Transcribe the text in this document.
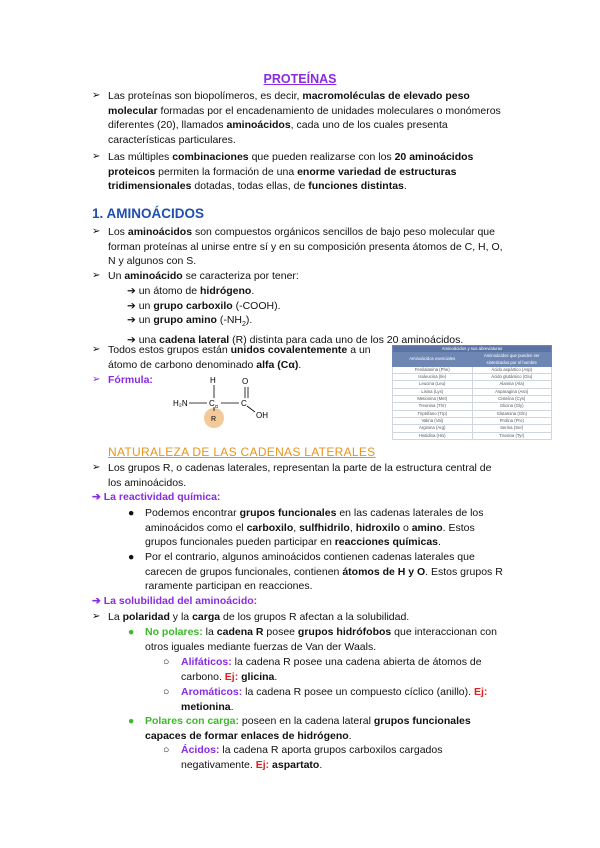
PROTEÍNAS
➢ Las proteínas son biopolímeros, es decir, macromoléculas de elevado peso
molecular formadas por el encadenamiento de unidades moleculares o monómeros
diferentes (20), llamados aminoácidos, cada uno de los cuales presenta
características particulares.
➢ Las múltiples combinaciones que pueden realizarse con los 20 aminoácidos
proteicos permiten la formación de una enorme variedad de estructuras
tridimensionales dotadas, todas ellas, de funciones distintas.
1. AMINOÁCIDOS
➢ Los aminoácidos son compuestos orgánicos sencillos de bajo peso molecular que
forman proteínas al unirse entre sí y en su composición presenta átomos de C, H, O,
N y algunos con S.
➢ Un aminoácido se caracteriza por tener:
➔ un átomo de hidrógeno.
➔ un grupo carboxilo (-COOH).
➔ un grupo amino $(-NH_2)$.
➔ una cadena lateral (R) distinta para cada uno de los 20 aminoácidos.
➢ Todos estos grupos están unidos covalentemente a un
átomo de carbono denominado alfa (Cα).
➢ Fórmula:	H
H₂N	C α	C
O
OH
R
Aminoácidos y sus abreviaturas	
Aminoácidos esenciales	Aminoácidos que pueden ser sintetizados por el hombre
Fenilalanina (Phe)	Ácido aspártico (Asp)
Isoleucina (Ile)	Ácido glutámico (Glu)
Leucina (Leu)	Alanina (Ala)
Lisina (Lys)	Asparagina (Asn)
Metionina (Met)	Cisteína (Cys)
Treonina (Thr)	Glicina (Gly)
Triptófano (Trp)	Glutamina (Gln)
Valina (Val)	Prolina (Pro)
Arginina (Arg)	Serina (Ser)
Histidina (His)	Tirosina (Tyr)
NATURALEZA DE LAS CADENAS LATERALES
➢ Los grupos R, o cadenas laterales, representan la parte de la estructura central de
los aminoácidos.
➔ La reactividad química:
● Podemos encontrar grupos funcionales en las cadenas laterales de los
aminoácidos como el carboxilo, sulfhidrilo, hidroxilo o amino. Estos
grupos funcionales pueden participar en reacciones químicas.
● Por el contrario, algunos aminoácidos contienen cadenas laterales que
carecen de grupos funcionales, contienen átomos de H y O. Estos grupos R
raramente participan en reacciones.
➔ La solubilidad del aminoácido:
➢ La polaridad y la carga de los grupos R afectan a la solubilidad.
● No polares: la cadena R posee grupos hidrófobos que interaccionan con
otros iguales mediante fuerzas de Van der Waals.
○ Alifáticos: la cadena R posee una cadena abierta de átomos de
carbono. Ej: glicina.
○ Aromáticos: la cadena R posee un compuesto cíclico (anillo). Ej:
metionina.
● Polares con carga: poseen en la cadena lateral grupos funcionales
capaces de formar enlaces de hidrógeno.
○ Ácidos: la cadena R aporta grupos carboxilos cargados
negativamente. Ej: aspartato.
